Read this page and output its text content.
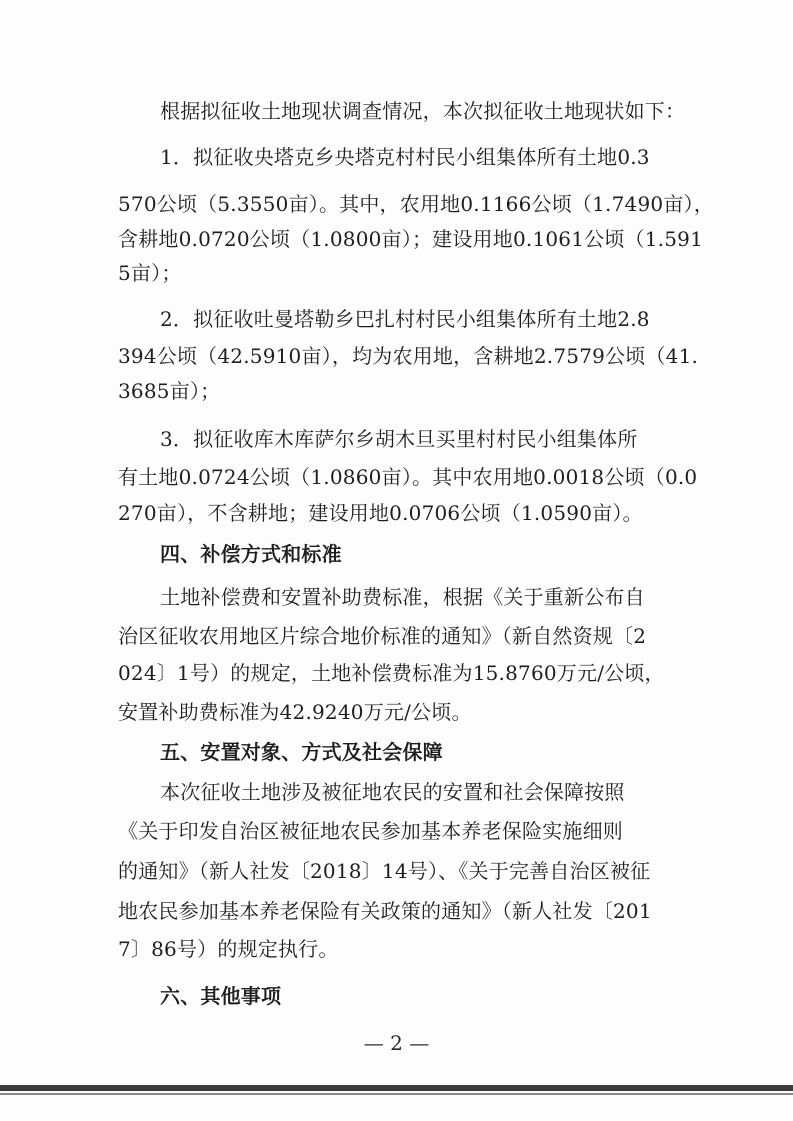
根据拟征收土地现状调查情况，本次拟征收土地现状如下：
1．拟征收央塔克乡央塔克村村民小组集体所有土地0.3
570公顷（5.3550亩）。其中，农用地0.1166公顷（1.7490亩），
含耕地0.0720公顷（1.0800亩）；建设用地0.1061公顷（1.591
5亩）；
2．拟征收吐曼塔勒乡巴扎村村民小组集体所有土地2.8
394公顷（42.5910亩），均为农用地，含耕地2.7579公顷（41.
3685亩）；
3．拟征收库木库萨尔乡胡木旦买里村村民小组集体所
有土地0.0724公顷（1.0860亩）。其中农用地0.0018公顷（0.0
270亩），不含耕地；建设用地0.0706公顷（1.0590亩）。
四、补偿方式和标准
土地补偿费和安置补助费标准，根据《关于重新公布自
治区征收农用地区片综合地价标准的通知》（新自然资规〔2
024〕1号）的规定，土地补偿费标准为15.8760万元/公顷，
安置补助费标准为42.9240万元/公顷。
五、安置对象、方式及社会保障
本次征收土地涉及被征地农民的安置和社会保障按照
《关于印发自治区被征地农民参加基本养老保险实施细则
的通知》（新人社发〔2018〕14号）、《关于完善自治区被征
地农民参加基本养老保险有关政策的通知》（新人社发〔201
7〕86号）的规定执行。
六、其他事项
— 2 —
